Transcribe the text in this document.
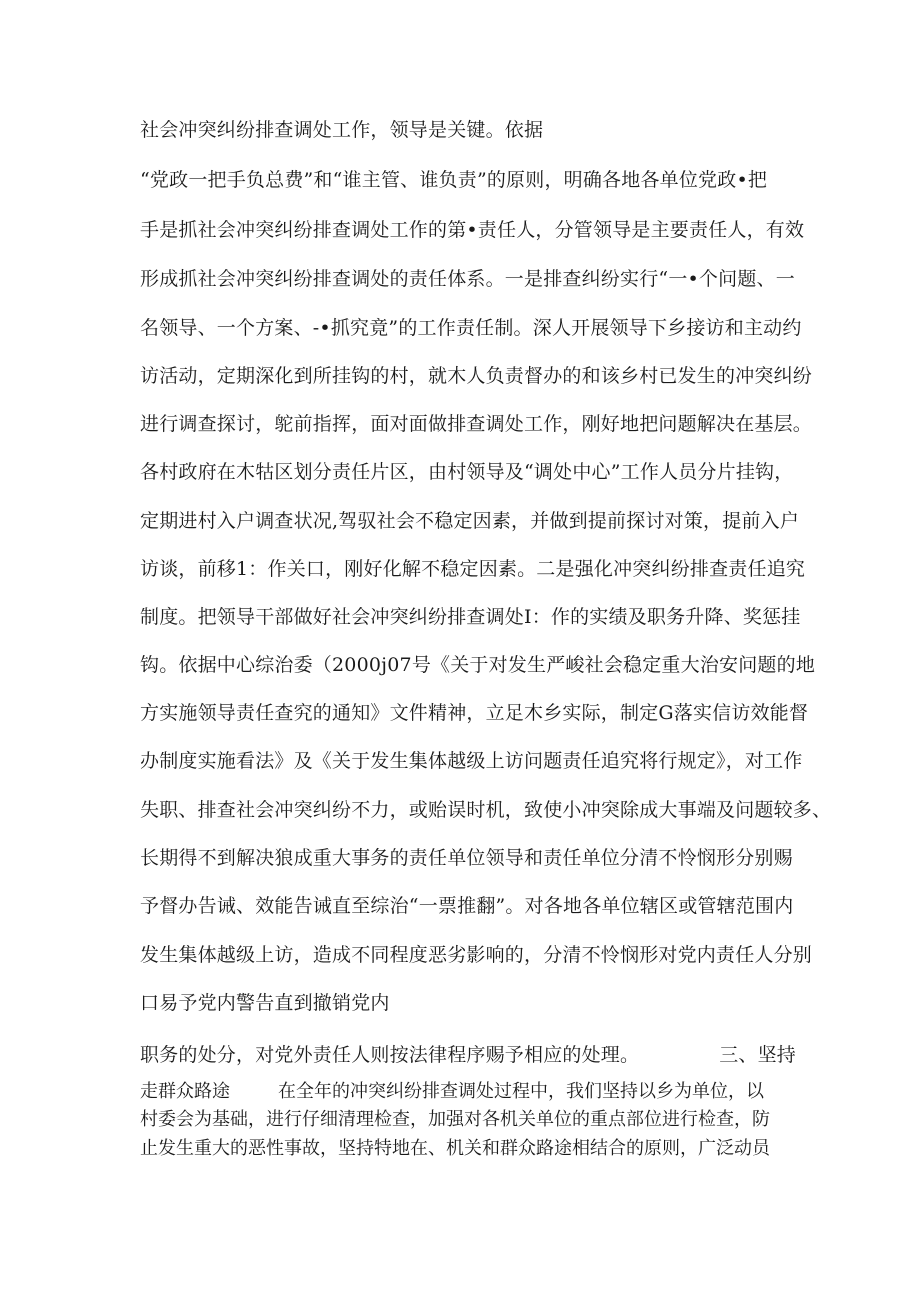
社会冲突纠纷排查调处工作，领导是关键。依据
“党政一把手负总费”和“谁主管、谁负责”的原则，明确各地各单位党政•把
手是抓社会冲突纠纷排查调处工作的第•责任人，分管领导是主要责任人，有效
形成抓社会冲突纠纷排查调处的责任体系。一是排查纠纷实行“一•个问题、一
名领导、一个方案、-•抓究竟”的工作责任制。深人开展领导下乡接访和主动约
访活动，定期深化到所挂钩的村，就木人负责督办的和该乡村已发生的冲突纠纷
进行调查探讨，鸵前指挥，面对面做排查调处工作，刚好地把问题解决在基层。
各村政府在木牯区划分责任片区，由村领导及“调处中心”工作人员分片挂钩，
定期进村入户调查状况,驾驭社会不稳定因素，并做到提前探讨对策，提前入户
访谈，前移1：作关口，刚好化解不稳定因素。二是强化冲突纠纷排查责任追究
制度。把领导干部做好社会冲突纠纷排查调处I：作的实绩及职务升降、奖惩挂
钩。依据中心综治委（2000j07号《关于对发生严峻社会稳定重大治安问题的地
方实施领导责任查究的通知》文件精神，立足木乡实际，制定G落实信访效能督
办制度实施看法》及《关于发生集体越级上访问题责任追究将行规定》，对工作
失职、排查社会冲突纠纷不力，或贻误时机，致使小冲突除成大事端及问题较多、
长期得不到解决狼成重大事务的责任单位领导和责任单位分清不怜悯形分别赐
予督办告诫、效能告诫直至综治“一票推翻”。对各地各单位辖区或管辖范围内
发生集体越级上访，造成不同程度恶劣影响的，分清不怜悯形对党内责任人分别
口易予党内警告直到撤销党内
职务的处分，对党外责任人则按法律程序赐予相应的处理。	三、坚持
走群众路途	在全年的冲突纠纷排查调处过程中，我们坚持以乡为单位，以
村委会为基础，进行仔细清理检查，加强对各机关单位的重点部位进行检查，防
止发生重大的恶性事故，坚持特地在、机关和群众路途相结合的原则，广泛动员
